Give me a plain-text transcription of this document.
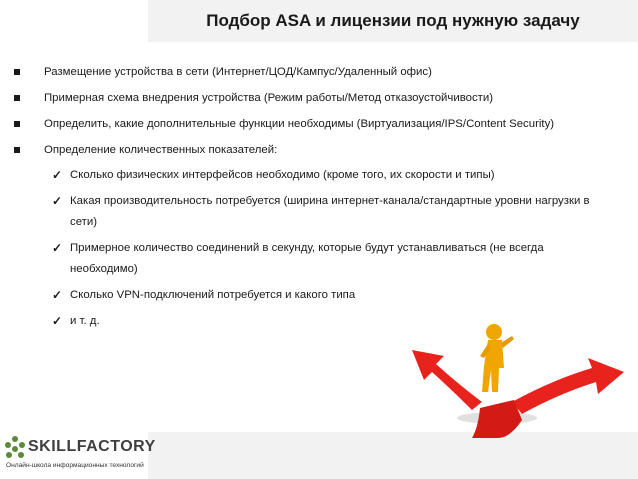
Подбор ASA и лицензии под нужную задачу
Размещение устройства в сети (Интернет/ЦОД/Кампус/Удаленный офис)
Примерная схема внедрения устройства (Режим работы/Метод отказоустойчивости)
Определить, какие дополнительные функции необходимы (Виртуализация/IPS/Content Security)
Определение количественных показателей:
✓ Сколько физических интерфейсов необходимо (кроме того, их скорости и типы)
✓ Какая производительность потребуется (ширина интернет-канала/стандартные уровни нагрузки в сети)
✓ Примерное количество соединений в секунду, которые будут устанавливаться (не всегда необходимо)
✓ Сколько VPN-подключений потребуется и какого типа
✓ и т. д.
SKILLFACTORY
Онлайн-школа информационных технологий
